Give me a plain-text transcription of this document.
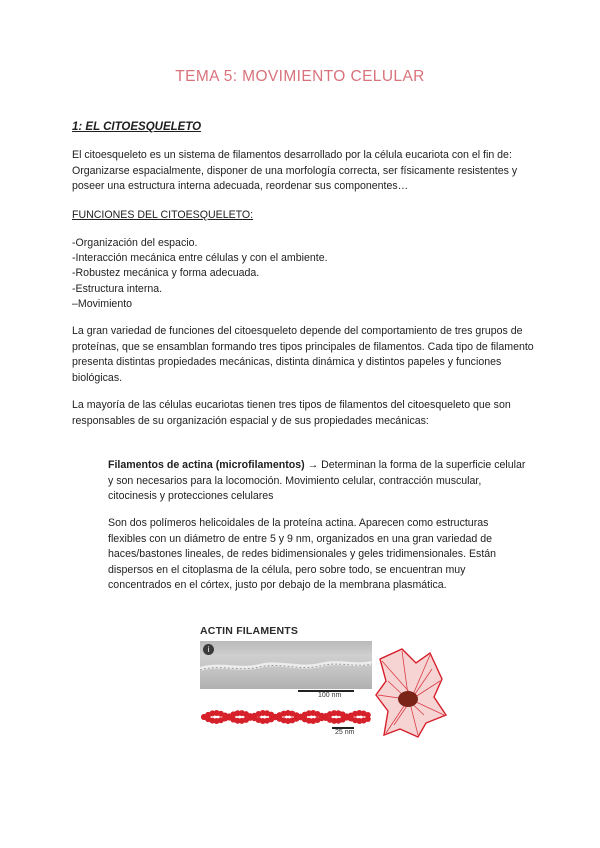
TEMA 5: MOVIMIENTO CELULAR
1: EL CITOESQUELETO
El citoesqueleto es un sistema de filamentos desarrollado por la célula eucariota con el fin de: Organizarse espacialmente, disponer de una morfología correcta, ser físicamente resistentes y poseer una estructura interna adecuada, reordenar sus componentes…
FUNCIONES DEL CITOESQUELETO:
-Organización del espacio.
-Interacción mecánica entre células y con el ambiente.
-Robustez mecánica y forma adecuada.
-Estructura interna.
–Movimiento
La gran variedad de funciones del citoesqueleto depende del comportamiento de tres grupos de proteínas, que se ensamblan formando tres tipos principales de filamentos. Cada tipo de filamento presenta distintas propiedades mecánicas, distinta dinámica y distintos papeles y funciones biológicas.
La mayoría de las células eucariotas tienen tres tipos de filamentos del citoesqueleto que son responsables de su organización espacial y de sus propiedades mecánicas:
Filamentos de actina (microfilamentos) → Determinan la forma de la superficie celular y son necesarios para la locomoción. Movimiento celular, contracción muscular, citocinesis y protecciones celulares
Son dos polímeros helicoidales de la proteína actina. Aparecen como estructuras flexibles con un diámetro de entre 5 y 9 nm, organizados en una gran variedad de haces/bastones lineales, de redes bidimensionales y geles tridimensionales. Están dispersos en el citoplasma de la célula, pero sobre todo, se encuentran muy concentrados en el córtex, justo por debajo de la membrana plasmática.
ACTIN FILAMENTS
i
100 nm
25 nm
